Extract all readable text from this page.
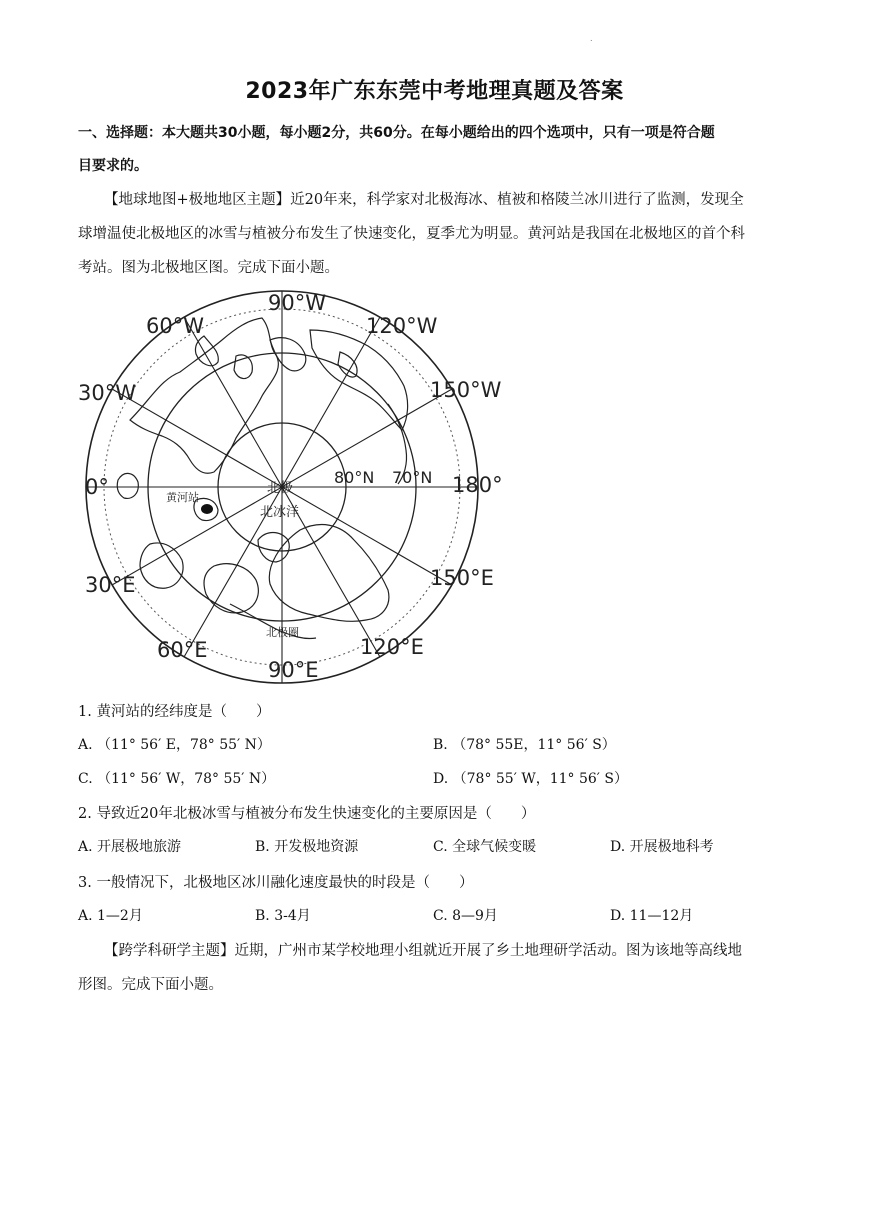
.
2023年广东东莞中考地理真题及答案
一、选择题：本大题共30小题，每小题2分，共60分。在每小题给出的四个选项中，只有一项是符合题
目要求的。
【地球地图+极地地区主题】近20年来，科学家对北极海冰、植被和格陵兰冰川进行了监测，发现全
球增温使北极地区的冰雪与植被分布发生了快速变化，夏季尤为明显。黄河站是我国在北极地区的首个科
考站。图为北极地区图。完成下面小题。
90°W
60°W	120°W
30°W	150°W
0°	180°
30°E	150°E
60°E	120°E
90°E
80°N 70°N
黄河站
北极
北冰洋
北极圈
1. 黄河站的经纬度是（　　）
A. （11° 56′ E，78° 55′ N）	B. （78° 55E，11° 56′ S）
C. （11° 56′ W，78° 55′ N）	D. （78° 55′ W，11° 56′ S）
2. 导致近20年北极冰雪与植被分布发生快速变化的主要原因是（　　）
A. 开展极地旅游	B. 开发极地资源	C. 全球气候变暖	D. 开展极地科考
3. 一般情况下，北极地区冰川融化速度最快的时段是（　　）
A. 1—2月	B. 3-4月	C. 8—9月	D. 11—12月
【跨学科研学主题】近期，广州市某学校地理小组就近开展了乡土地理研学活动。图为该地等高线地
形图。完成下面小题。
